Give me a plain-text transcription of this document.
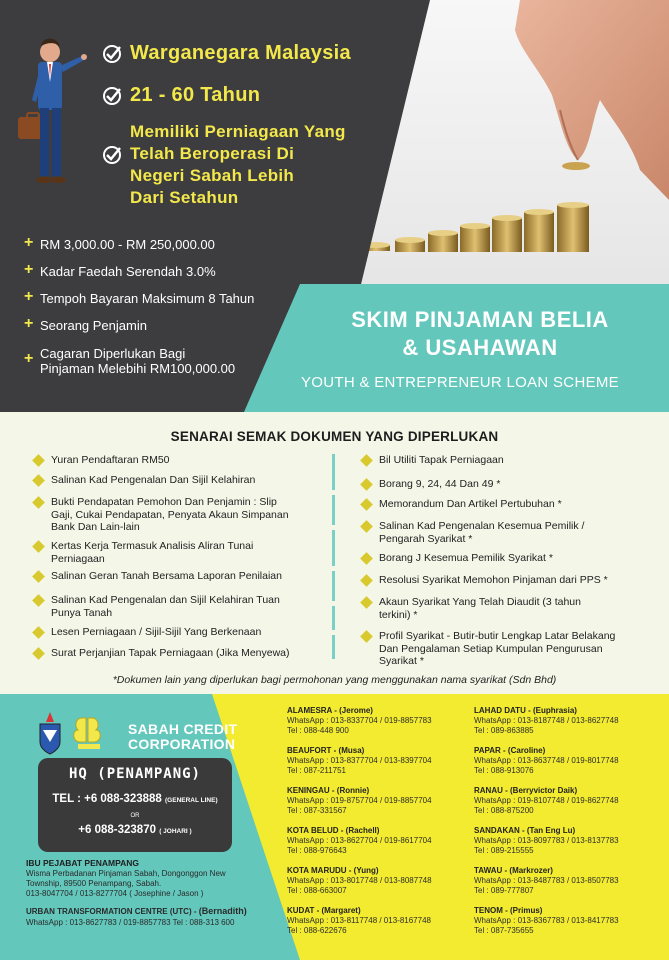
Warganegara Malaysia
21 - 60 Tahun
Memiliki Perniagaan Yang
Telah Beroperasi Di
Negeri Sabah Lebih
Dari Setahun
+ RM 3,000.00 - RM 250,000.00
+ Kadar Faedah Serendah 3.0%
+ Tempoh Bayaran Maksimum 8 Tahun
+ Seorang Penjamin
+ Cagaran Diperlukan Bagi
Pinjaman Melebihi RM100,000.00
SKIM PINJAMAN BELIA
& USAHAWAN
YOUTH & ENTREPRENEUR LOAN SCHEME
SENARAI SEMAK DOKUMEN YANG DIPERLUKAN
Yuran Pendaftaran RM50
Salinan Kad Pengenalan Dan Sijil Kelahiran
Bukti Pendapatan Pemohon Dan Penjamin : Slip
Gaji, Cukai Pendapatan, Penyata Akaun Simpanan
Bank Dan Lain-lain
Kertas Kerja Termasuk Analisis Aliran Tunai
Perniagaan
Salinan Geran Tanah Bersama Laporan Penilaian
Salinan Kad Pengenalan dan Sijil Kelahiran Tuan
Punya Tanah
Lesen Perniagaan / Sijil-Sijil Yang Berkenaan
Surat Perjanjian Tapak Perniagaan (Jika Menyewa)
Bil Utiliti Tapak Perniagaan
Borang 9, 24, 44 Dan 49 *
Memorandum Dan Artikel Pertubuhan *
Salinan Kad Pengenalan Kesemua Pemilik /
Pengarah Syarikat *
Borang J Kesemua Pemilik Syarikat *
Resolusi Syarikat Memohon Pinjaman dari PPS *
Akaun Syarikat Yang Telah Diaudit (3 tahun
terkini) *
Profil Syarikat - Butir-butir Lengkap Latar Belakang
Dan Pengalaman Setiap Kumpulan Pengurusan
Syarikat *
*Dokumen lain yang diperlukan bagi permohonan yang menggunakan nama syarikat (Sdn Bhd)
SABAH CREDIT
CORPORATION
HQ (PENAMPANG)
TEL : +6 088-323888 (GENERAL LINE)
OR
+6 088-323870 ( JOHARI )
IBU PEJABAT PENAMPANG
Wisma Perbadanan Pinjaman Sabah, Dongonggon New
Township, 89500 Penampang, Sabah.
013-8047704 / 013-8277704 ( Josephine / Jason )
URBAN TRANSFORMATION CENTRE (UTC) - (Bernadith)
WhatsApp : 013-8627783 / 019-8857783 Tel : 088-313 600
ALAMESRA - (Jerome)
WhatsApp : 013-8337704 / 019-8857783
Tel : 088-448 900
BEAUFORT - (Musa)
WhatsApp : 013-8377704 / 013-8397704
Tel : 087-211751
KENINGAU - (Ronnie)
WhatsApp : 019-8757704 / 019-8857704
Tel : 087-331567
KOTA BELUD - (Rachell)
WhatsApp : 013-8627704 / 019-8617704
Tel : 088-976643
KOTA MARUDU - (Yung)
WhatsApp : 013-8017748 / 013-8087748
Tel : 088-663007
KUDAT - (Margaret)
WhatsApp : 013-8117748 / 013-8167748
Tel : 088-622676
LAHAD DATU - (Euphrasia)
WhatsApp : 013-8187748 / 013-8627748
Tel : 089-863885
PAPAR - (Caroline)
WhatsApp : 013-8637748 / 019-8017748
Tel : 088-913076
RANAU - (Berryvictor Daik)
WhatsApp : 019-8107748 / 019-8627748
Tel : 088-875200
SANDAKAN - (Tan Eng Lu)
WhatsApp : 013-8097783 / 013-8137783
Tel : 089-215555
TAWAU - (Markrozer)
WhatsApp : 013-8487783 / 013-8507783
Tel : 089-777807
TENOM - (Primus)
WhatsApp : 013-8367783 / 013-8417783
Tel : 087-735655
